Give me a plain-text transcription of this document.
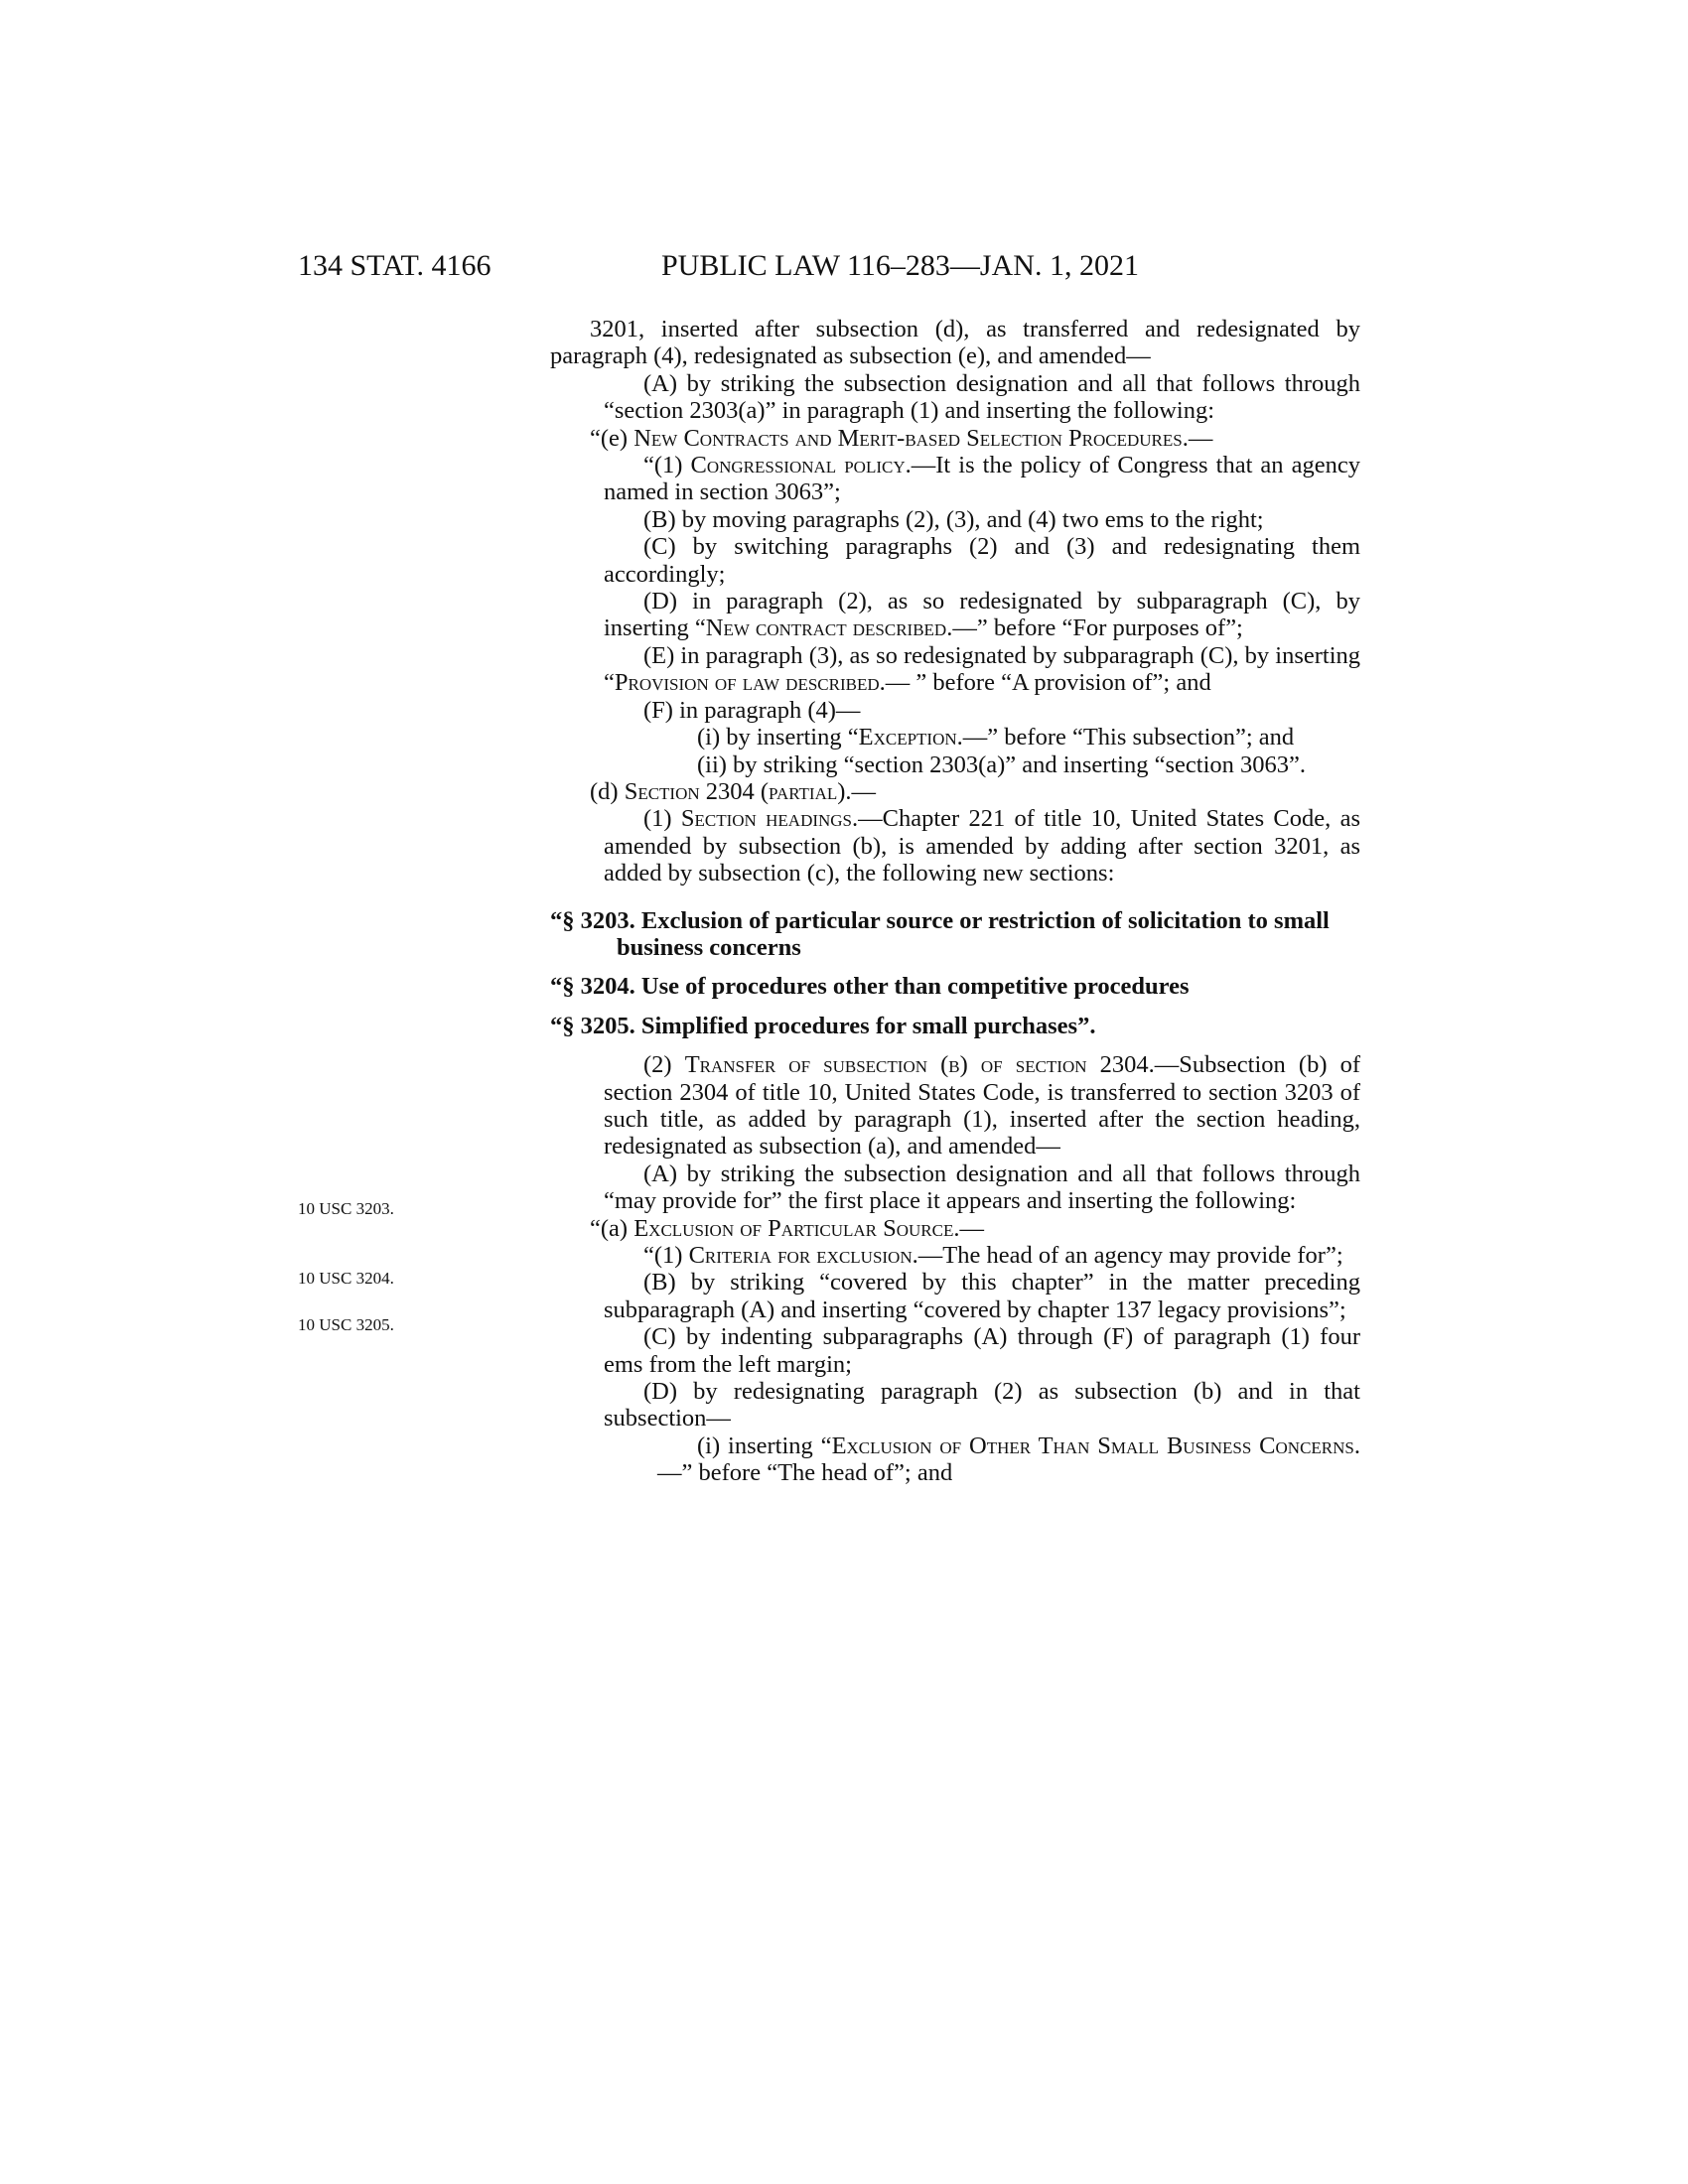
134 STAT. 4166	PUBLIC LAW 116–283—JAN. 1, 2021
10 USC 3203.
10 USC 3204.
10 USC 3205.

3201, inserted after subsection (d), as transferred and redesignated by paragraph (4), redesignated as subsection (e), and amended—

(A) by striking the subsection designation and all that follows through “section 2303(a)” in paragraph (1) and inserting the following:

“(e) New Contracts and Merit-based Selection Procedures.—

“(1) Congressional policy.—It is the policy of Congress that an agency named in section 3063”;

(B) by moving paragraphs (2), (3), and (4) two ems to the right;

(C) by switching paragraphs (2) and (3) and redesignating them accordingly;

(D) in paragraph (2), as so redesignated by subparagraph (C), by inserting “New contract described.—” before “For purposes of”;

(E) in paragraph (3), as so redesignated by subparagraph (C), by inserting “Provision of law described.— ” before “A provision of”; and

(F) in paragraph (4)—

(i) by inserting “Exception.—” before “This subsection”; and

(ii) by striking “section 2303(a)” and inserting “section 3063”.

(d) Section 2304 (partial).—

(1) Section headings.—Chapter 221 of title 10, United States Code, as amended by subsection (b), is amended by adding after section 3201, as added by subsection (c), the following new sections:

“§ 3203. Exclusion of particular source or restriction of solicitation to small business concerns

“§ 3204. Use of procedures other than competitive procedures

“§ 3205. Simplified procedures for small purchases”.

(2) Transfer of subsection (b) of section 2304.—Subsection (b) of section 2304 of title 10, United States Code, is transferred to section 3203 of such title, as added by paragraph (1), inserted after the section heading, redesignated as subsection (a), and amended—

(A) by striking the subsection designation and all that follows through “may provide for” the first place it appears and inserting the following:

“(a) Exclusion of Particular Source.—

“(1) Criteria for exclusion.—The head of an agency may provide for”;

(B) by striking “covered by this chapter” in the matter preceding subparagraph (A) and inserting “covered by chapter 137 legacy provisions”;

(C) by indenting subparagraphs (A) through (F) of paragraph (1) four ems from the left margin;

(D) by redesignating paragraph (2) as subsection (b) and in that subsection—

(i) inserting “Exclusion of Other Than Small Business Concerns.—” before “The head of”; and
